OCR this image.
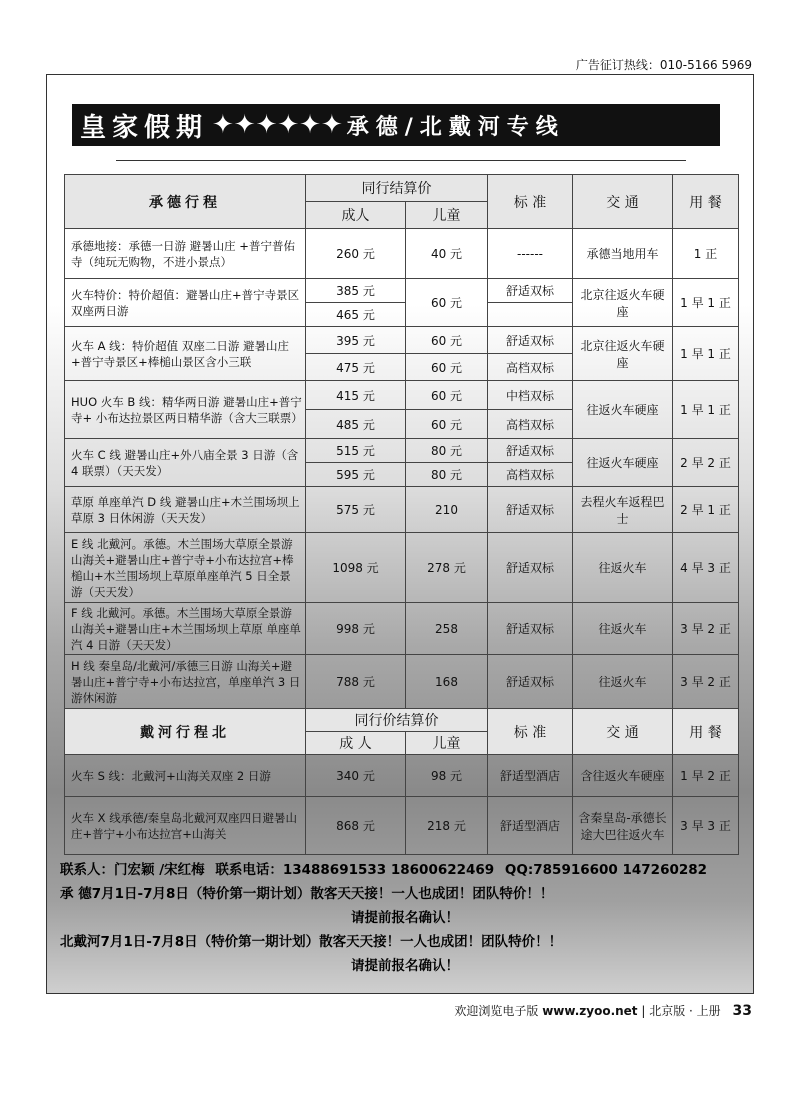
广告征订热线：010-5166 5969
皇家假期 ✦✦✦✦✦✦ 承德/北戴河专线
承德行程	同行结算价		标 准	交 通	用 餐
	成人	儿童			
承德地接：承德一日游 避暑山庄 +普宁普佑寺（纯玩无购物，不进小景点）	260 元	40 元	------	承德当地用车	1 正
火车特价：特价超值：避暑山庄+普宁寺景区双座两日游	385 元	60 元	舒适双标	北京往返火车硬座	1 早 1 正
	465 元				
火车 A 线：特价超值 双座二日游 避暑山庄+普宁寺景区+棒槌山景区含小三联	395 元	60 元	舒适双标	北京往返火车硬座	1 早 1 正
	475 元	60 元	高档双标		
HUO 火车 B 线：精华两日游 避暑山庄+普宁寺+ 小布达拉景区两日精华游（含大三联票）	415 元	60 元	中档双标	往返火车硬座	1 早 1 正
	485 元	60 元	高档双标		
火车 C 线 避暑山庄+外八庙全景 3 日游（含 4 联票）（天天发）	515 元	80 元	舒适双标	往返火车硬座	2 早 2 正
	595 元	80 元	高档双标		
草原 单座单汽 D 线 避暑山庄+木兰围场坝上草原 3 日休闲游（天天发）	575 元	210	舒适双标	去程火车返程巴士	2 早 1 正
E 线 北戴河。承德。木兰围场大草原全景游 山海关+避暑山庄+普宁寺+小布达拉宫+棒槌山+木兰围场坝上草原单座单汽 5 日全景游（天天发）	1098 元	278 元	舒适双标	往返火车	4 早 3 正
F 线 北戴河。承德。木兰围场大草原全景游 山海关+避暑山庄+木兰围场坝上草原 单座单汽 4 日游（天天发）	998 元	258	舒适双标	往返火车	3 早 2 正
H 线 秦皇岛/北戴河/承德三日游 山海关+避暑山庄+普宁寺+小布达拉宫，单座单汽 3 日游休闲游	788 元	168	舒适双标	往返火车	3 早 2 正
戴河行程北	同行价结算价		标 准	交 通	用 餐
	成 人	儿童			
火车 S 线：北戴河+山海关双座 2 日游	340 元	98 元	舒适型酒店	含往返火车硬座	1 早 2 正
火车 X 线承德/秦皇岛北戴河双座四日避暑山庄+普宁+小布达拉宫+山海关	868 元	218 元	舒适型酒店	含秦皇岛-承德长途大巴往返火车	3 早 3 正
联系人：门宏颖 /宋红梅 联系电话：13488691533 18600622469 QQ:785916600 147260282
承 德7月1日-7月8日（特价第一期计划）散客天天接！一人也成团！团队特价！！
请提前报名确认！
北戴河7月1日-7月8日（特价第一期计划）散客天天接！一人也成团！团队特价！！
请提前报名确认！
欢迎浏览电子版 www.zyoo.net | 北京版 · 上册 33
